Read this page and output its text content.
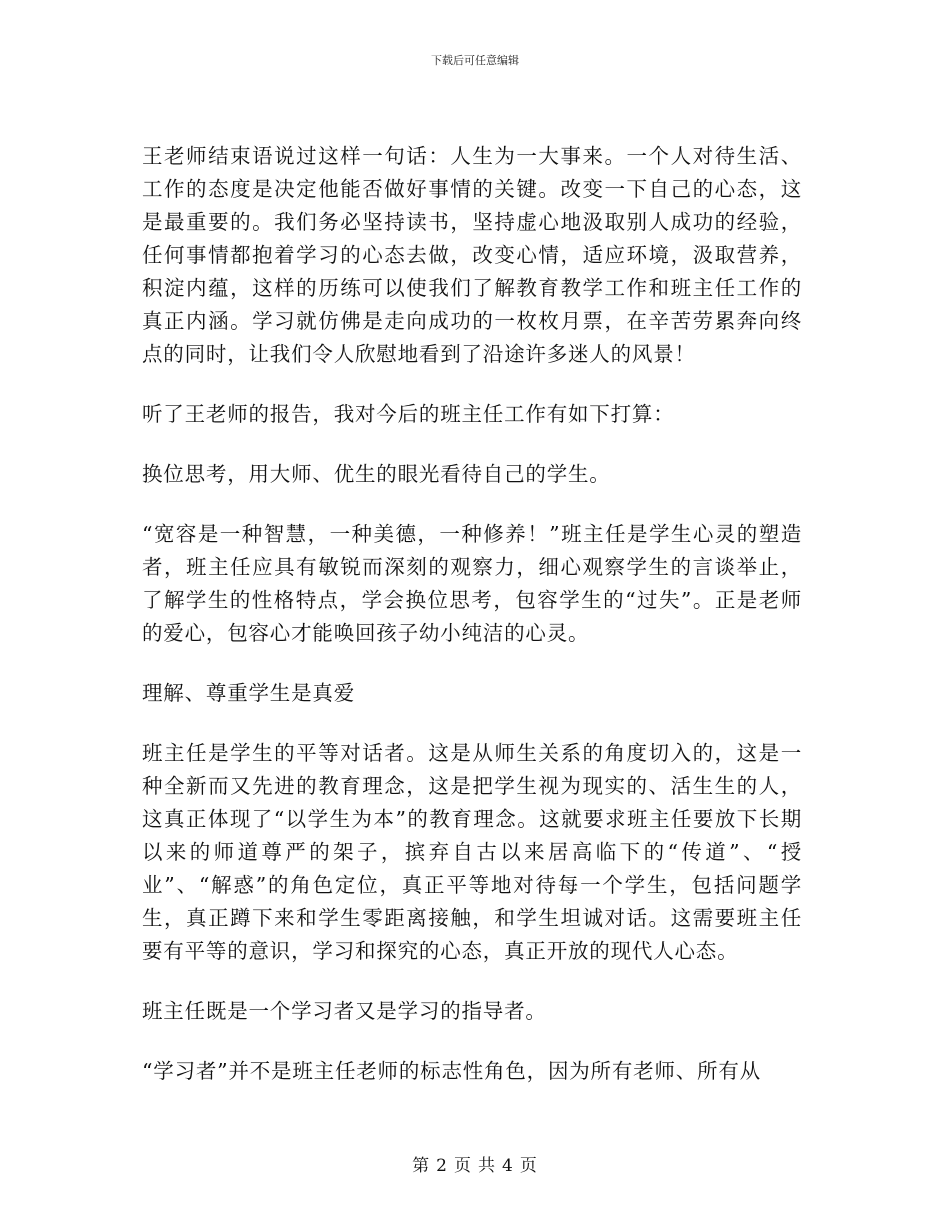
下载后可任意编辑

王老师结束语说过这样一句话：人生为一大事来。一个人对待生活、工作的态度是决定他能否做好事情的关键。改变一下自己的心态，这是最重要的。我们务必坚持读书，坚持虚心地汲取别人成功的经验，任何事情都抱着学习的心态去做，改变心情，适应环境，汲取营养，积淀内蕴，这样的历练可以使我们了解教育教学工作和班主任工作的真正内涵。学习就仿佛是走向成功的一枚枚月票，在辛苦劳累奔向终点的同时，让我们令人欣慰地看到了沿途许多迷人的风景！

听了王老师的报告，我对今后的班主任工作有如下打算：

换位思考，用大师、优生的眼光看待自己的学生。

“宽容是一种智慧，一种美德，一种修养！”班主任是学生心灵的塑造者，班主任应具有敏锐而深刻的观察力，细心观察学生的言谈举止，了解学生的性格特点，学会换位思考，包容学生的“过失”。正是老师的爱心，包容心才能唤回孩子幼小纯洁的心灵。

理解、尊重学生是真爱

班主任是学生的平等对话者。这是从师生关系的角度切入的，这是一种全新而又先进的教育理念，这是把学生视为现实的、活生生的人，这真正体现了“以学生为本”的教育理念。这就要求班主任要放下长期以来的师道尊严的架子，摈弃自古以来居高临下的“传道”、“授业”、“解惑”的角色定位，真正平等地对待每一个学生，包括问题学生，真正蹲下来和学生零距离接触，和学生坦诚对话。这需要班主任要有平等的意识，学习和探究的心态，真正开放的现代人心态。

班主任既是一个学习者又是学习的指导者。

“学习者”并不是班主任老师的标志性角色，因为所有老师、所有从

第 2 页 共 4 页
